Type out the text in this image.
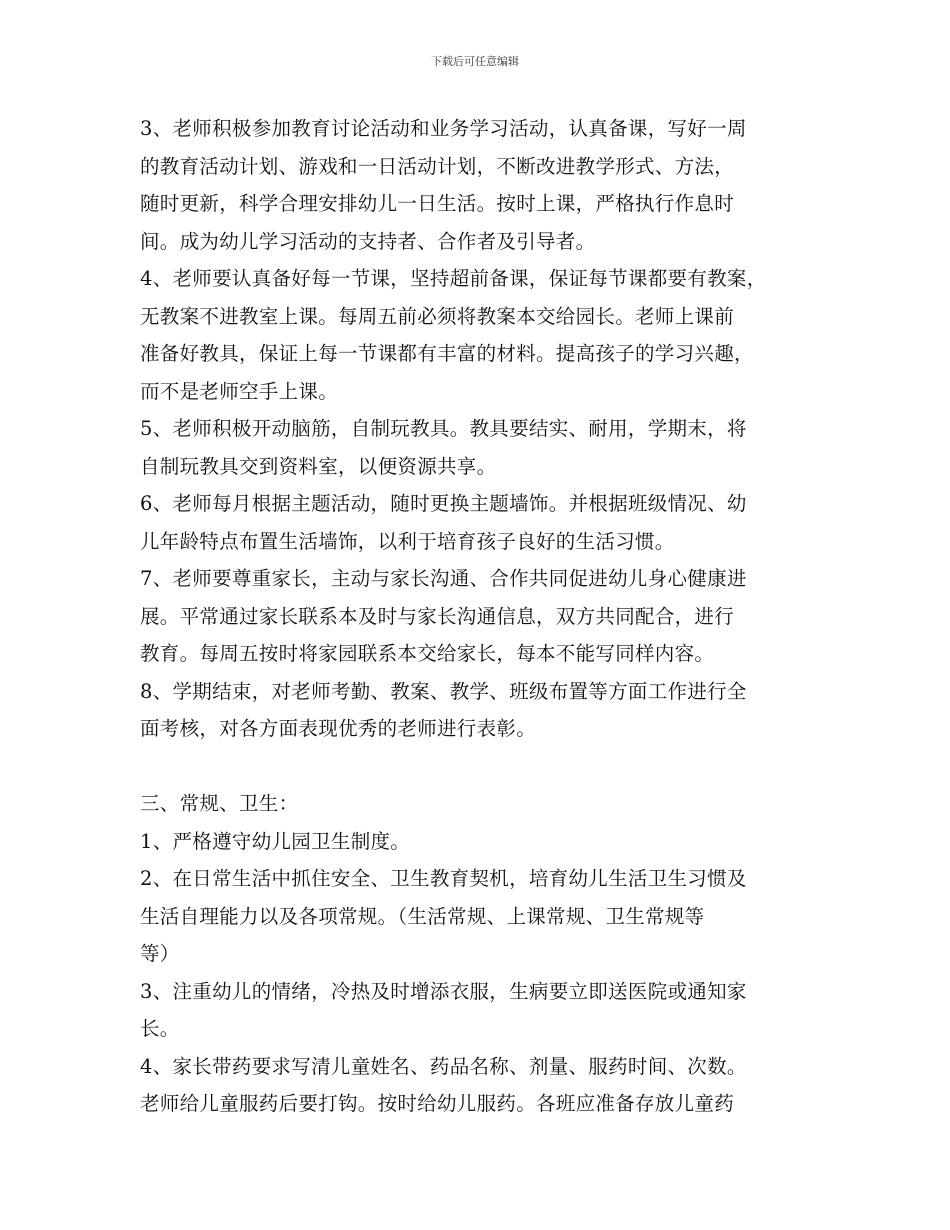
下载后可任意编辑
3、老师积极参加教育讨论活动和业务学习活动，认真备课，写好一周
的教育活动计划、游戏和一日活动计划，不断改进教学形式、方法，
随时更新，科学合理安排幼儿一日生活。按时上课，严格执行作息时
间。成为幼儿学习活动的支持者、合作者及引导者。
4、老师要认真备好每一节课，坚持超前备课，保证每节课都要有教案，
无教案不进教室上课。每周五前必须将教案本交给园长。老师上课前
准备好教具，保证上每一节课都有丰富的材料。提高孩子的学习兴趣，
而不是老师空手上课。
5、老师积极开动脑筋，自制玩教具。教具要结实、耐用，学期末，将
自制玩教具交到资料室，以便资源共享。
6、老师每月根据主题活动，随时更换主题墙饰。并根据班级情况、幼
儿年龄特点布置生活墙饰，以利于培育孩子良好的生活习惯。
7、老师要尊重家长，主动与家长沟通、合作共同促进幼儿身心健康进
展。平常通过家长联系本及时与家长沟通信息，双方共同配合，进行
教育。每周五按时将家园联系本交给家长，每本不能写同样内容。
8、学期结束，对老师考勤、教案、教学、班级布置等方面工作进行全
面考核，对各方面表现优秀的老师进行表彰。
三、常规、卫生：
1、严格遵守幼儿园卫生制度。
2、在日常生活中抓住安全、卫生教育契机，培育幼儿生活卫生习惯及
生活自理能力以及各项常规。（生活常规、上课常规、卫生常规等
等）
3、注重幼儿的情绪，冷热及时增添衣服，生病要立即送医院或通知家
长。
4、家长带药要求写清儿童姓名、药品名称、剂量、服药时间、次数。
老师给儿童服药后要打钩。按时给幼儿服药。各班应准备存放儿童药
